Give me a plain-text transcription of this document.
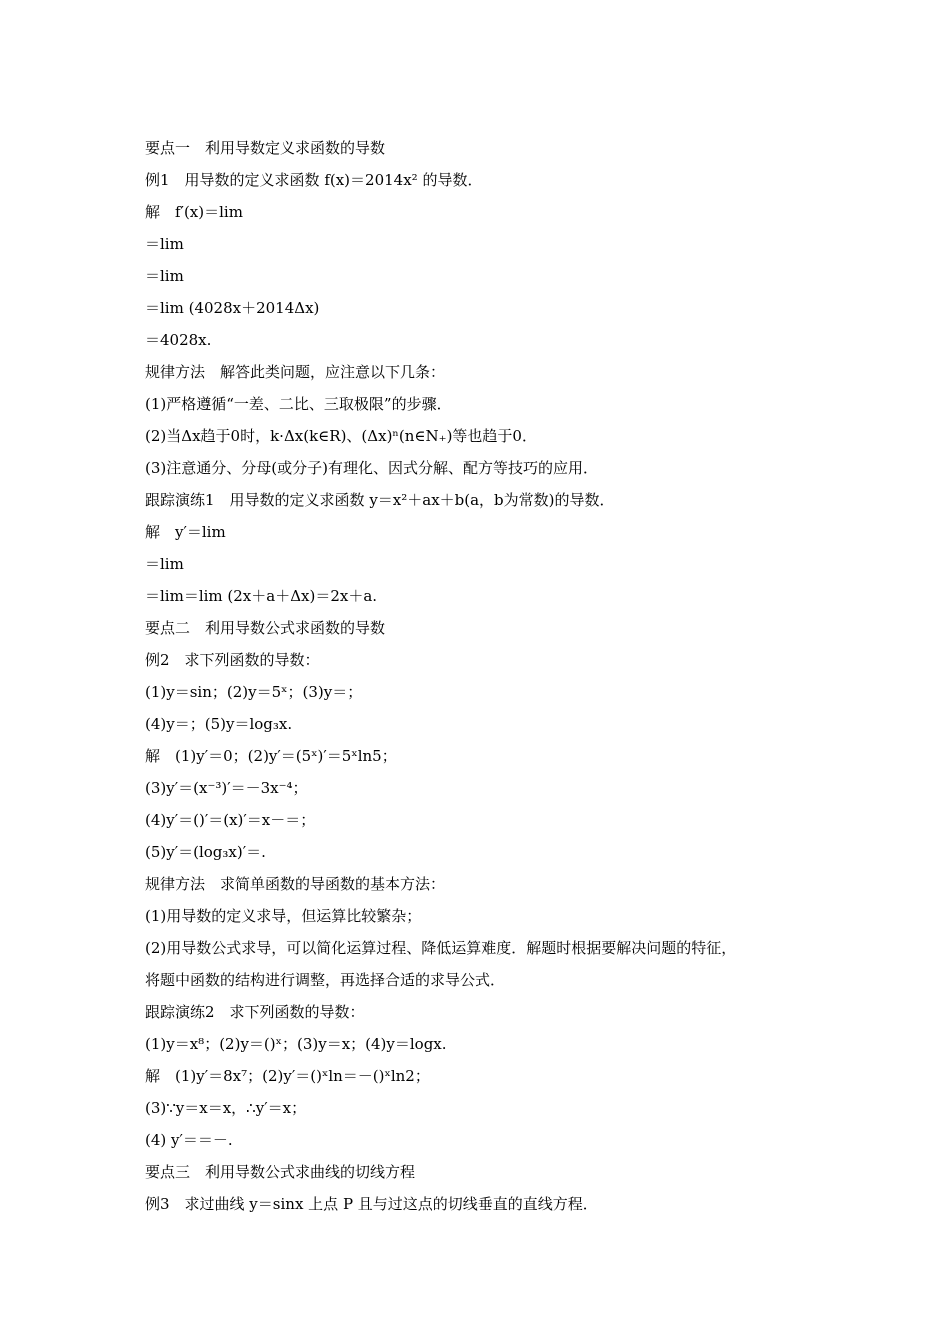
要点一　利用导数定义求函数的导数
例1　用导数的定义求函数 f(x)＝2014x² 的导数．
解　f′(x)＝lim
＝lim
＝lim
＝lim (4028x＋2014Δx)
＝4028x.
规律方法　解答此类问题，应注意以下几条：
(1)严格遵循“一差、二比、三取极限”的步骤．
(2)当Δx趋于0时，k·Δx(k∈R)、(Δx)ⁿ(n∈N₊)等也趋于0．
(3)注意通分、分母(或分子)有理化、因式分解、配方等技巧的应用．
跟踪演练1　用导数的定义求函数 y＝x²＋ax＋b(a，b为常数)的导数．
解　y′＝lim
＝lim
＝lim＝lim (2x＋a＋Δx)＝2x＋a.
要点二　利用导数公式求函数的导数
例2　求下列函数的导数：
(1)y＝sin；(2)y＝5ˣ；(3)y＝；
(4)y＝；(5)y＝log₃x.
解　(1)y′＝0；(2)y′＝(5ˣ)′＝5ˣln5；
(3)y′＝(x⁻³)′＝－3x⁻⁴；
(4)y′＝()′＝(x)′＝x－＝；
(5)y′＝(log₃x)′＝.
规律方法　求简单函数的导函数的基本方法：
(1)用导数的定义求导，但运算比较繁杂；
(2)用导数公式求导，可以简化运算过程、降低运算难度．解题时根据要解决问题的特征，
将题中函数的结构进行调整，再选择合适的求导公式．
跟踪演练2　求下列函数的导数：
(1)y＝x⁸；(2)y＝()ˣ；(3)y＝x；(4)y＝logx.
解　(1)y′＝8x⁷；(2)y′＝()ˣln＝－()ˣln2；
(3)∵y＝x＝x，∴y′＝x；
(4) y′＝＝－.
要点三　利用导数公式求曲线的切线方程
例3　求过曲线 y＝sinx 上点 P 且与过这点的切线垂直的直线方程．
